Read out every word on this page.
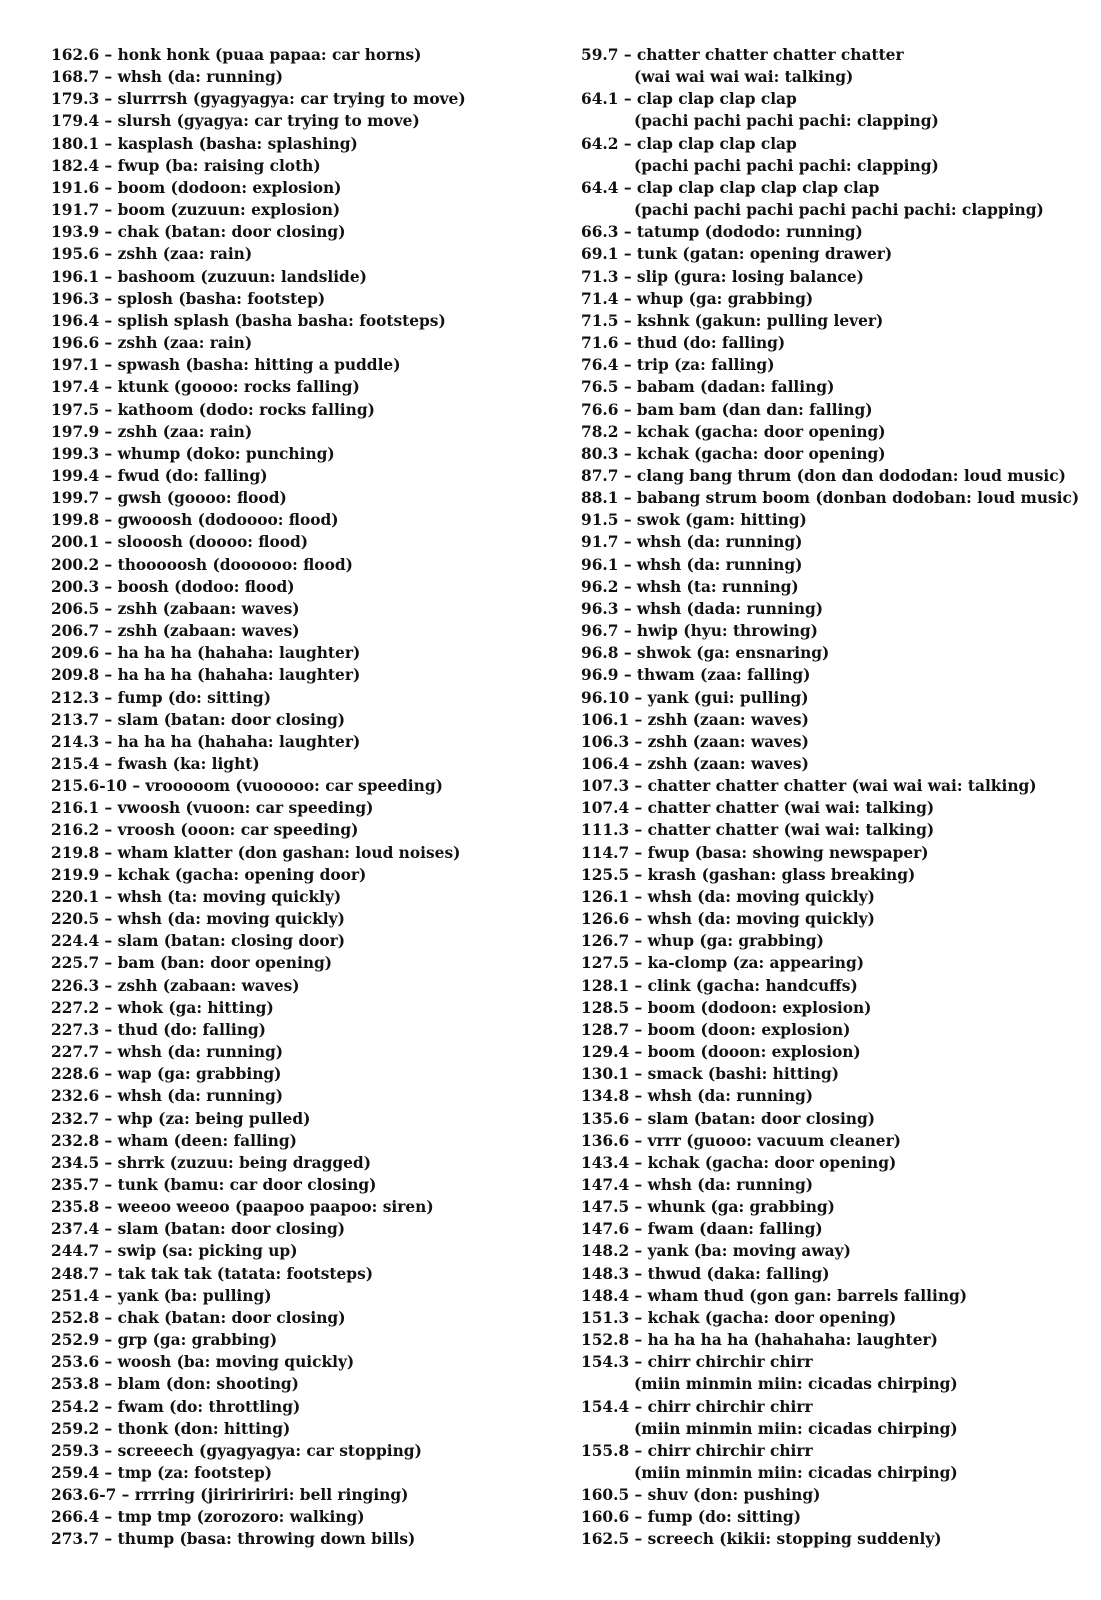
162.6 – honk honk (puaa papaa: car horns)
168.7 – whsh (da: running)
179.3 – slurrrsh (gyagyagya: car trying to move)
179.4 – slursh (gyagya: car trying to move)
180.1 – kasplash (basha: splashing)
182.4 – fwup (ba: raising cloth)
191.6 – boom (dodoon: explosion)
191.7 – boom (zuzuun: explosion)
193.9 – chak (batan: door closing)
195.6 – zshh (zaa: rain)
196.1 – bashoom (zuzuun: landslide)
196.3 – splosh (basha: footstep)
196.4 – splish splash (basha basha: footsteps)
196.6 – zshh (zaa: rain)
197.1 – spwash (basha: hitting a puddle)
197.4 – ktunk (goooo: rocks falling)
197.5 – kathoom (dodo: rocks falling)
197.9 – zshh (zaa: rain)
199.3 – whump (doko: punching)
199.4 – fwud (do: falling)
199.7 – gwsh (goooo: flood)
199.8 – gwooosh (dodoooo: flood)
200.1 – slooosh (doooo: flood)
200.2 – thooooosh (doooooo: flood)
200.3 – boosh (dodoo: flood)
206.5 – zshh (zabaan: waves)
206.7 – zshh (zabaan: waves)
209.6 – ha ha ha (hahaha: laughter)
209.8 – ha ha ha (hahaha: laughter)
212.3 – fump (do: sitting)
213.7 – slam (batan: door closing)
214.3 – ha ha ha (hahaha: laughter)
215.4 – fwash (ka: light)
215.6-10 – vrooooom (vuooooo: car speeding)
216.1 – vwoosh (vuoon: car speeding)
216.2 – vroosh (ooon: car speeding)
219.8 – wham klatter (don gashan: loud noises)
219.9 – kchak (gacha: opening door)
220.1 – whsh (ta: moving quickly)
220.5 – whsh (da: moving quickly)
224.4 – slam (batan: closing door)
225.7 – bam (ban: door opening)
226.3 – zshh (zabaan: waves)
227.2 – whok (ga: hitting)
227.3 – thud (do: falling)
227.7 – whsh (da: running)
228.6 – wap (ga: grabbing)
232.6 – whsh (da: running)
232.7 – whp (za: being pulled)
232.8 – wham (deen: falling)
234.5 – shrrk (zuzuu: being dragged)
235.7 – tunk (bamu: car door closing)
235.8 – weeoo weeoo (paapoo paapoo: siren)
237.4 – slam (batan: door closing)
244.7 – swip (sa: picking up)
248.7 – tak tak tak (tatata: footsteps)
251.4 – yank (ba: pulling)
252.8 – chak (batan: door closing)
252.9 – grp (ga: grabbing)
253.6 – woosh (ba: moving quickly)
253.8 – blam (don: shooting)
254.2 – fwam (do: throttling)
259.2 – thonk (don: hitting)
259.3 – screeech (gyagyagya: car stopping)
259.4 – tmp (za: footstep)
263.6-7 – rrrring (jiririririri: bell ringing)
266.4 – tmp tmp (zorozoro: walking)
273.7 – thump (basa: throwing down bills)
59.7 – chatter chatter chatter chatter
(wai wai wai wai: talking)
64.1 – clap clap clap clap
(pachi pachi pachi pachi: clapping)
64.2 – clap clap clap clap
(pachi pachi pachi pachi: clapping)
64.4 – clap clap clap clap clap clap
(pachi pachi pachi pachi pachi pachi: clapping)
66.3 – tatump (dododo: running)
69.1 – tunk (gatan: opening drawer)
71.3 – slip (gura: losing balance)
71.4 – whup (ga: grabbing)
71.5 – kshnk (gakun: pulling lever)
71.6 – thud (do: falling)
76.4 – trip (za: falling)
76.5 – babam (dadan: falling)
76.6 – bam bam (dan dan: falling)
78.2 – kchak (gacha: door opening)
80.3 – kchak (gacha: door opening)
87.7 – clang bang thrum (don dan dododan: loud music)
88.1 – babang strum boom (donban dodoban: loud music)
91.5 – swok (gam: hitting)
91.7 – whsh (da: running)
96.1 – whsh (da: running)
96.2 – whsh (ta: running)
96.3 – whsh (dada: running)
96.7 – hwip (hyu: throwing)
96.8 – shwok (ga: ensnaring)
96.9 – thwam (zaa: falling)
96.10 – yank (gui: pulling)
106.1 – zshh (zaan: waves)
106.3 – zshh (zaan: waves)
106.4 – zshh (zaan: waves)
107.3 – chatter chatter chatter (wai wai wai: talking)
107.4 – chatter chatter (wai wai: talking)
111.3 – chatter chatter (wai wai: talking)
114.7 – fwup (basa: showing newspaper)
125.5 – krash (gashan: glass breaking)
126.1 – whsh (da: moving quickly)
126.6 – whsh (da: moving quickly)
126.7 – whup (ga: grabbing)
127.5 – ka-clomp (za: appearing)
128.1 – clink (gacha: handcuffs)
128.5 – boom (dodoon: explosion)
128.7 – boom (doon: explosion)
129.4 – boom (dooon: explosion)
130.1 – smack (bashi: hitting)
134.8 – whsh (da: running)
135.6 – slam (batan: door closing)
136.6 – vrrr (guooo: vacuum cleaner)
143.4 – kchak (gacha: door opening)
147.4 – whsh (da: running)
147.5 – whunk (ga: grabbing)
147.6 – fwam (daan: falling)
148.2 – yank (ba: moving away)
148.3 – thwud (daka: falling)
148.4 – wham thud (gon gan: barrels falling)
151.3 – kchak (gacha: door opening)
152.8 – ha ha ha ha (hahahaha: laughter)
154.3 – chirr chirchir chirr
(miin minmin miin: cicadas chirping)
154.4 – chirr chirchir chirr
(miin minmin miin: cicadas chirping)
155.8 – chirr chirchir chirr
(miin minmin miin: cicadas chirping)
160.5 – shuv (don: pushing)
160.6 – fump (do: sitting)
162.5 – screech (kikii: stopping suddenly)
